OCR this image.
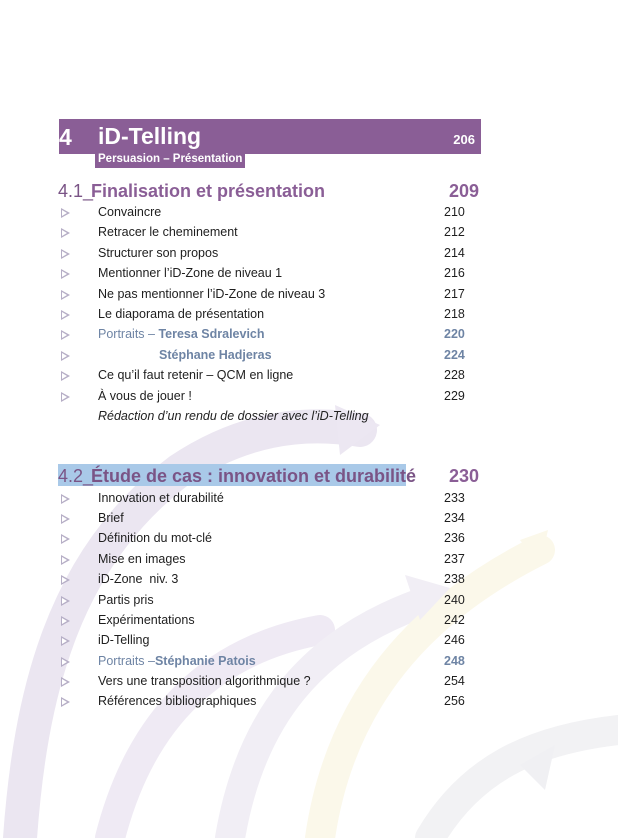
4 iD-Telling	206
Persuasion – Présentation
4.1_
Finalisation et présentation	209
Convaincre	210
Retracer le cheminement	212
Structurer son propos	214
Mentionner l’iD-Zone de niveau 1	216
Ne pas mentionner l’iD-Zone de niveau 3	217
Le diaporama de présentation	218
Portraits – Teresa Sdralevich	220
Stéphane Hadjeras	224
Ce qu’il faut retenir – QCM en ligne	228
À vous de jouer !	229
Rédaction d’un rendu de dossier avec l’iD-Telling
4.2_
Étude de cas : innovation et durabilité 230
Innovation et durabilité	233
Brief	234
Définition du mot-clé	236
Mise en images	237
iD-Zone  niv. 3	238
Partis pris	240
Expérimentations	242
iD-Telling	246
Portraits –Stéphanie Patois	248
Vers une transposition algorithmique ?	254
Références bibliographiques	256
